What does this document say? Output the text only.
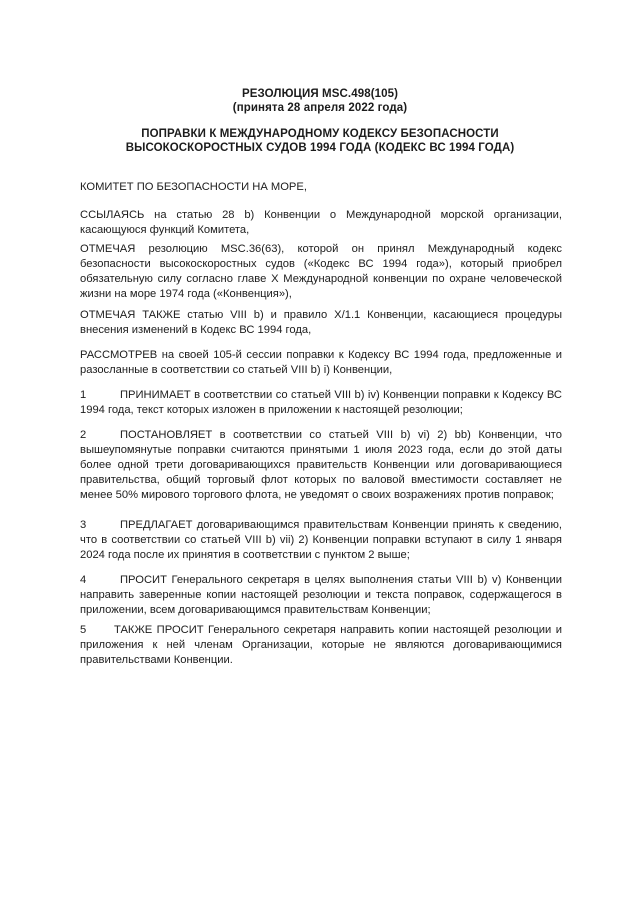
РЕЗОЛЮЦИЯ MSC.498(105)
(принята 28 апреля 2022 года)
ПОПРАВКИ К МЕЖДУНАРОДНОМУ КОДЕКСУ БЕЗОПАСНОСТИ
ВЫСОКОСКОРОСТНЫХ СУДОВ 1994 ГОДА (КОДЕКС ВС 1994 ГОДА)
КОМИТЕТ ПО БЕЗОПАСНОСТИ НА МОРЕ,

ССЫЛАЯСЬ на статью 28 b) Конвенции о Международной морской организации, касающуюся функций Комитета,

ОТМЕЧАЯ резолюцию MSC.36(63), которой он принял Международный кодекс безопасности высокоскоростных судов («Кодекс ВС 1994 года»), который приобрел обязательную силу согласно главе X Международной конвенции по охране человеческой жизни на море 1974 года («Конвенция»),

ОТМЕЧАЯ ТАКЖЕ статью VIII b) и правило X/1.1 Конвенции, касающиеся процедуры внесения изменений в Кодекс ВС 1994 года,

РАССМОТРЕВ на своей 105-й сессии поправки к Кодексу ВС 1994 года, предложенные и разосланные в соответствии со статьей VIII b) i) Конвенции,

1	ПРИНИМАЕТ в соответствии со статьей VIII b) iv) Конвенции поправки к Кодексу ВС 1994 года, текст которых изложен в приложении к настоящей резолюции;

2	ПОСТАНОВЛЯЕТ в соответствии со статьей VIII b) vi) 2) bb) Конвенции, что вышеупомянутые поправки считаются принятыми 1 июля 2023 года, если до этой даты более одной трети договаривающихся правительств Конвенции или договаривающиеся правительства, общий торговый флот которых по валовой вместимости составляет не менее 50% мирового торгового флота, не уведомят о своих возражениях против поправок;

3	ПРЕДЛАГАЕТ договаривающимся правительствам Конвенции принять к сведению, что в соответствии со статьей VIII b) vii) 2) Конвенции поправки вступают в силу 1 января 2024 года после их принятия в соответствии с пунктом 2 выше;

4	ПРОСИТ Генерального секретаря в целях выполнения статьи VIII b) v) Конвенции направить заверенные копии настоящей резолюции и текста поправок, содержащегося в приложении, всем договаривающимся правительствам Конвенции;

5 ТАКЖЕ ПРОСИТ Генерального секретаря направить копии настоящей резолюции и приложения к ней членам Организации, которые не являются договаривающимися правительствами Конвенции.
